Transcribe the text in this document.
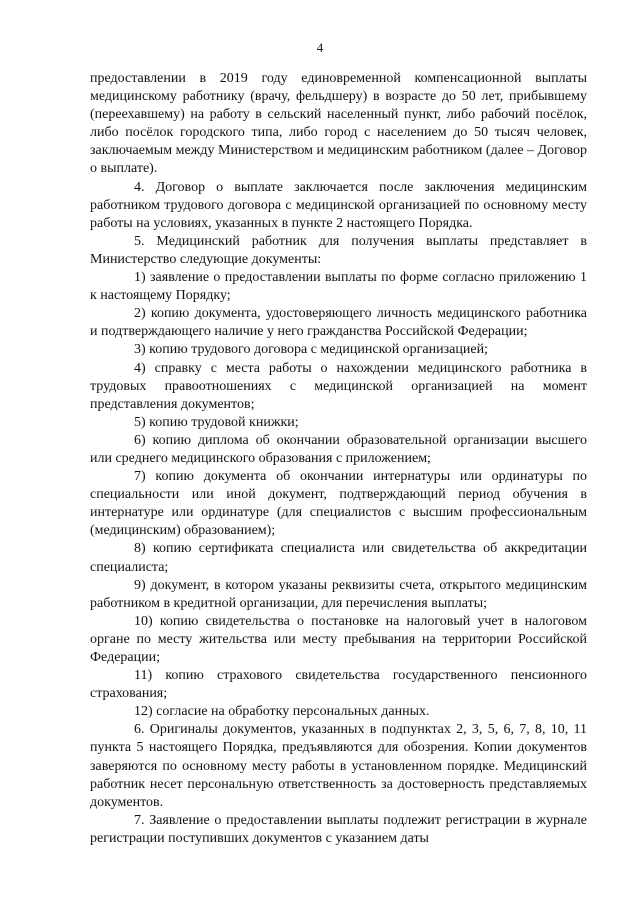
4

предоставлении в 2019 году единовременной компенсационной выплаты медицинскому работнику (врачу, фельдшеру) в возрасте до 50 лет, прибывшему (переехавшему) на работу в сельский населенный пункт, либо рабочий посёлок, либо посёлок городского типа, либо город с населением до 50 тысяч человек, заключаемым между Министерством и медицинским работником (далее – Договор о выплате).

4. Договор о выплате заключается после заключения медицинским работником трудового договора с медицинской организацией по основному месту работы на условиях, указанных в пункте 2 настоящего Порядка.

5. Медицинский работник для получения выплаты представляет в Министерство следующие документы:

1) заявление о предоставлении выплаты по форме согласно приложению 1 к настоящему Порядку;

2) копию документа, удостоверяющего личность медицинского работника и подтверждающего наличие у него гражданства Российской Федерации;

3) копию трудового договора с медицинской организацией;

4) справку с места работы о нахождении медицинского работника в трудовых правоотношениях с медицинской организацией на момент представления документов;

5) копию трудовой книжки;

6) копию диплома об окончании образовательной организации высшего или среднего медицинского образования с приложением;

7) копию документа об окончании интернатуры или ординатуры по специальности или иной документ, подтверждающий период обучения в интернатуре или ординатуре (для специалистов с высшим профессиональным (медицинским) образованием);

8) копию сертификата специалиста или свидетельства об аккредитации специалиста;

9) документ, в котором указаны реквизиты счета, открытого медицинским работником в кредитной организации, для перечисления выплаты;

10) копию свидетельства о постановке на налоговый учет в налоговом органе по месту жительства или месту пребывания на территории Российской Федерации;

11) копию страхового свидетельства государственного пенсионного страхования;

12) согласие на обработку персональных данных.

6. Оригиналы документов, указанных в подпунктах 2, 3, 5, 6, 7, 8, 10, 11 пункта 5 настоящего Порядка, предъявляются для обозрения. Копии документов заверяются по основному месту работы в установленном порядке. Медицинский работник несет персональную ответственность за достоверность представляемых документов.

7. Заявление о предоставлении выплаты подлежит регистрации в журнале регистрации поступивших документов с указанием даты
